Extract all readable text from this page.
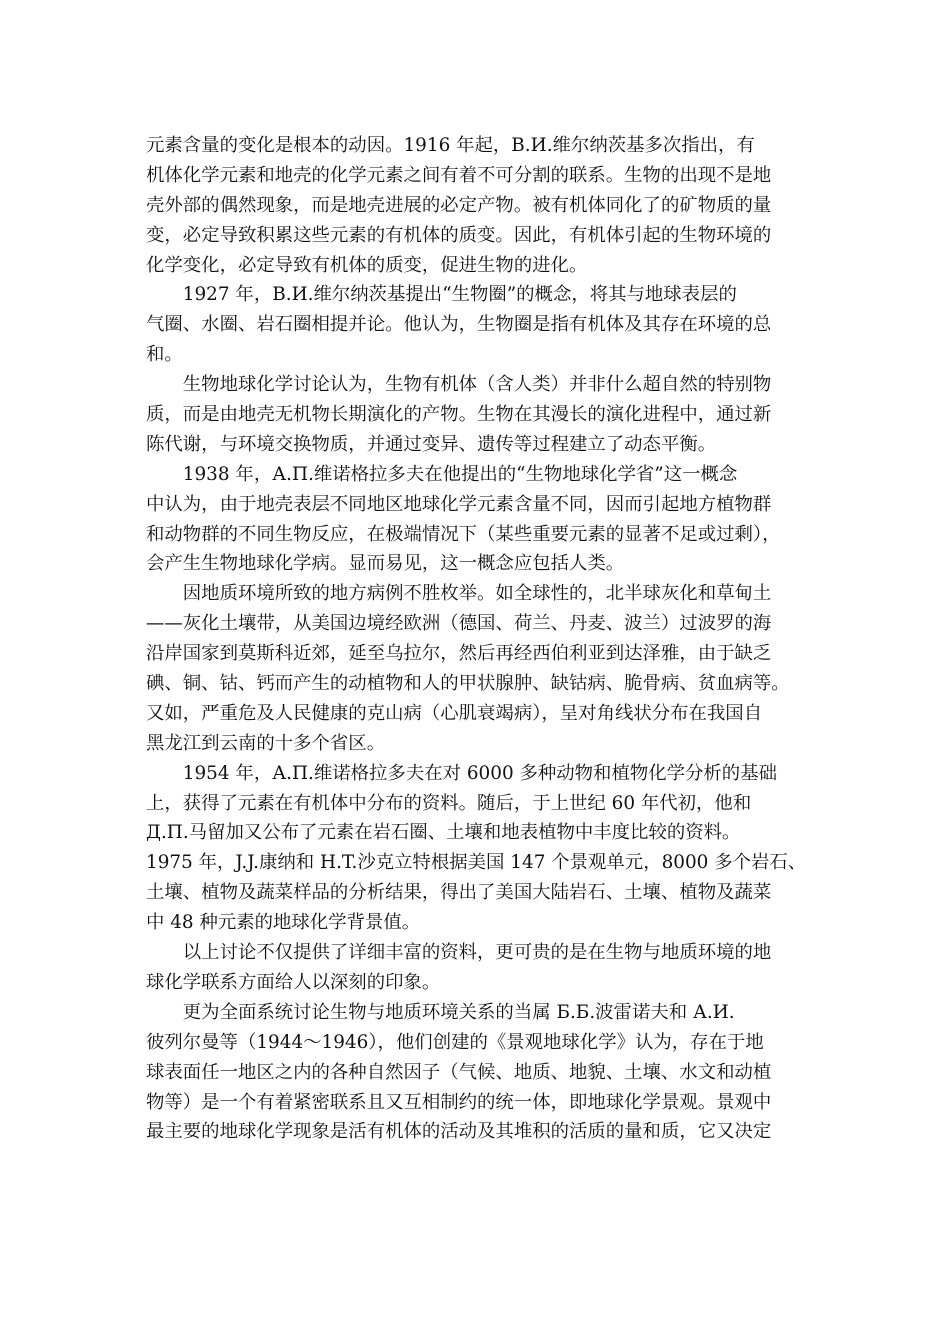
元素含量的变化是根本的动因。1916 年起，В.И.维尔纳茨基多次指出，有
机体化学元素和地壳的化学元素之间有着不可分割的联系。生物的出现不是地
壳外部的偶然现象，而是地壳进展的必定产物。被有机体同化了的矿物质的量
变，必定导致积累这些元素的有机体的质变。因此，有机体引起的生物环境的
化学变化，必定导致有机体的质变，促进生物的进化。
　　1927 年，В.И.维尔纳茨基提出“生物圈”的概念，将其与地球表层的
气圈、水圈、岩石圈相提并论。他认为，生物圈是指有机体及其存在环境的总
和。
　　生物地球化学讨论认为，生物有机体（含人类）并非什么超自然的特别物
质，而是由地壳无机物长期演化的产物。生物在其漫长的演化进程中，通过新
陈代谢，与环境交换物质，并通过变异、遗传等过程建立了动态平衡。
　　1938 年，А.П.维诺格拉多夫在他提出的“生物地球化学省”这一概念
中认为，由于地壳表层不同地区地球化学元素含量不同，因而引起地方植物群
和动物群的不同生物反应，在极端情况下（某些重要元素的显著不足或过剩），
会产生生物地球化学病。显而易见，这一概念应包括人类。
　　因地质环境所致的地方病例不胜枚举。如全球性的，北半球灰化和草甸土
——灰化土壤带，从美国边境经欧洲（德国、荷兰、丹麦、波兰）过波罗的海
沿岸国家到莫斯科近郊，延至乌拉尔，然后再经西伯利亚到达泽雅，由于缺乏
碘、铜、钴、钙而产生的动植物和人的甲状腺肿、缺钴病、脆骨病、贫血病等。
又如，严重危及人民健康的克山病（心肌衰竭病），呈对角线状分布在我国自
黑龙江到云南的十多个省区。
　　1954 年，А.П.维诺格拉多夫在对 6000 多种动物和植物化学分析的基础
上，获得了元素在有机体中分布的资料。随后，于上世纪 60 年代初，他和
Д.П.马留加又公布了元素在岩石圈、土壤和地表植物中丰度比较的资料。
1975 年，J.J.康纳和 H.T.沙克立特根据美国 147 个景观单元，8000 多个岩石、
土壤、植物及蔬菜样品的分析结果，得出了美国大陆岩石、土壤、植物及蔬菜
中 48 种元素的地球化学背景值。
　　以上讨论不仅提供了详细丰富的资料，更可贵的是在生物与地质环境的地
球化学联系方面给人以深刻的印象。
　　更为全面系统讨论生物与地质环境关系的当属 Б.Б.波雷诺夫和 А.И.
彼列尔曼等（1944～1946），他们创建的《景观地球化学》认为，存在于地
球表面任一地区之内的各种自然因子（气候、地质、地貌、土壤、水文和动植
物等）是一个有着紧密联系且又互相制约的统一体，即地球化学景观。景观中
最主要的地球化学现象是活有机体的活动及其堆积的活质的量和质，它又决定
